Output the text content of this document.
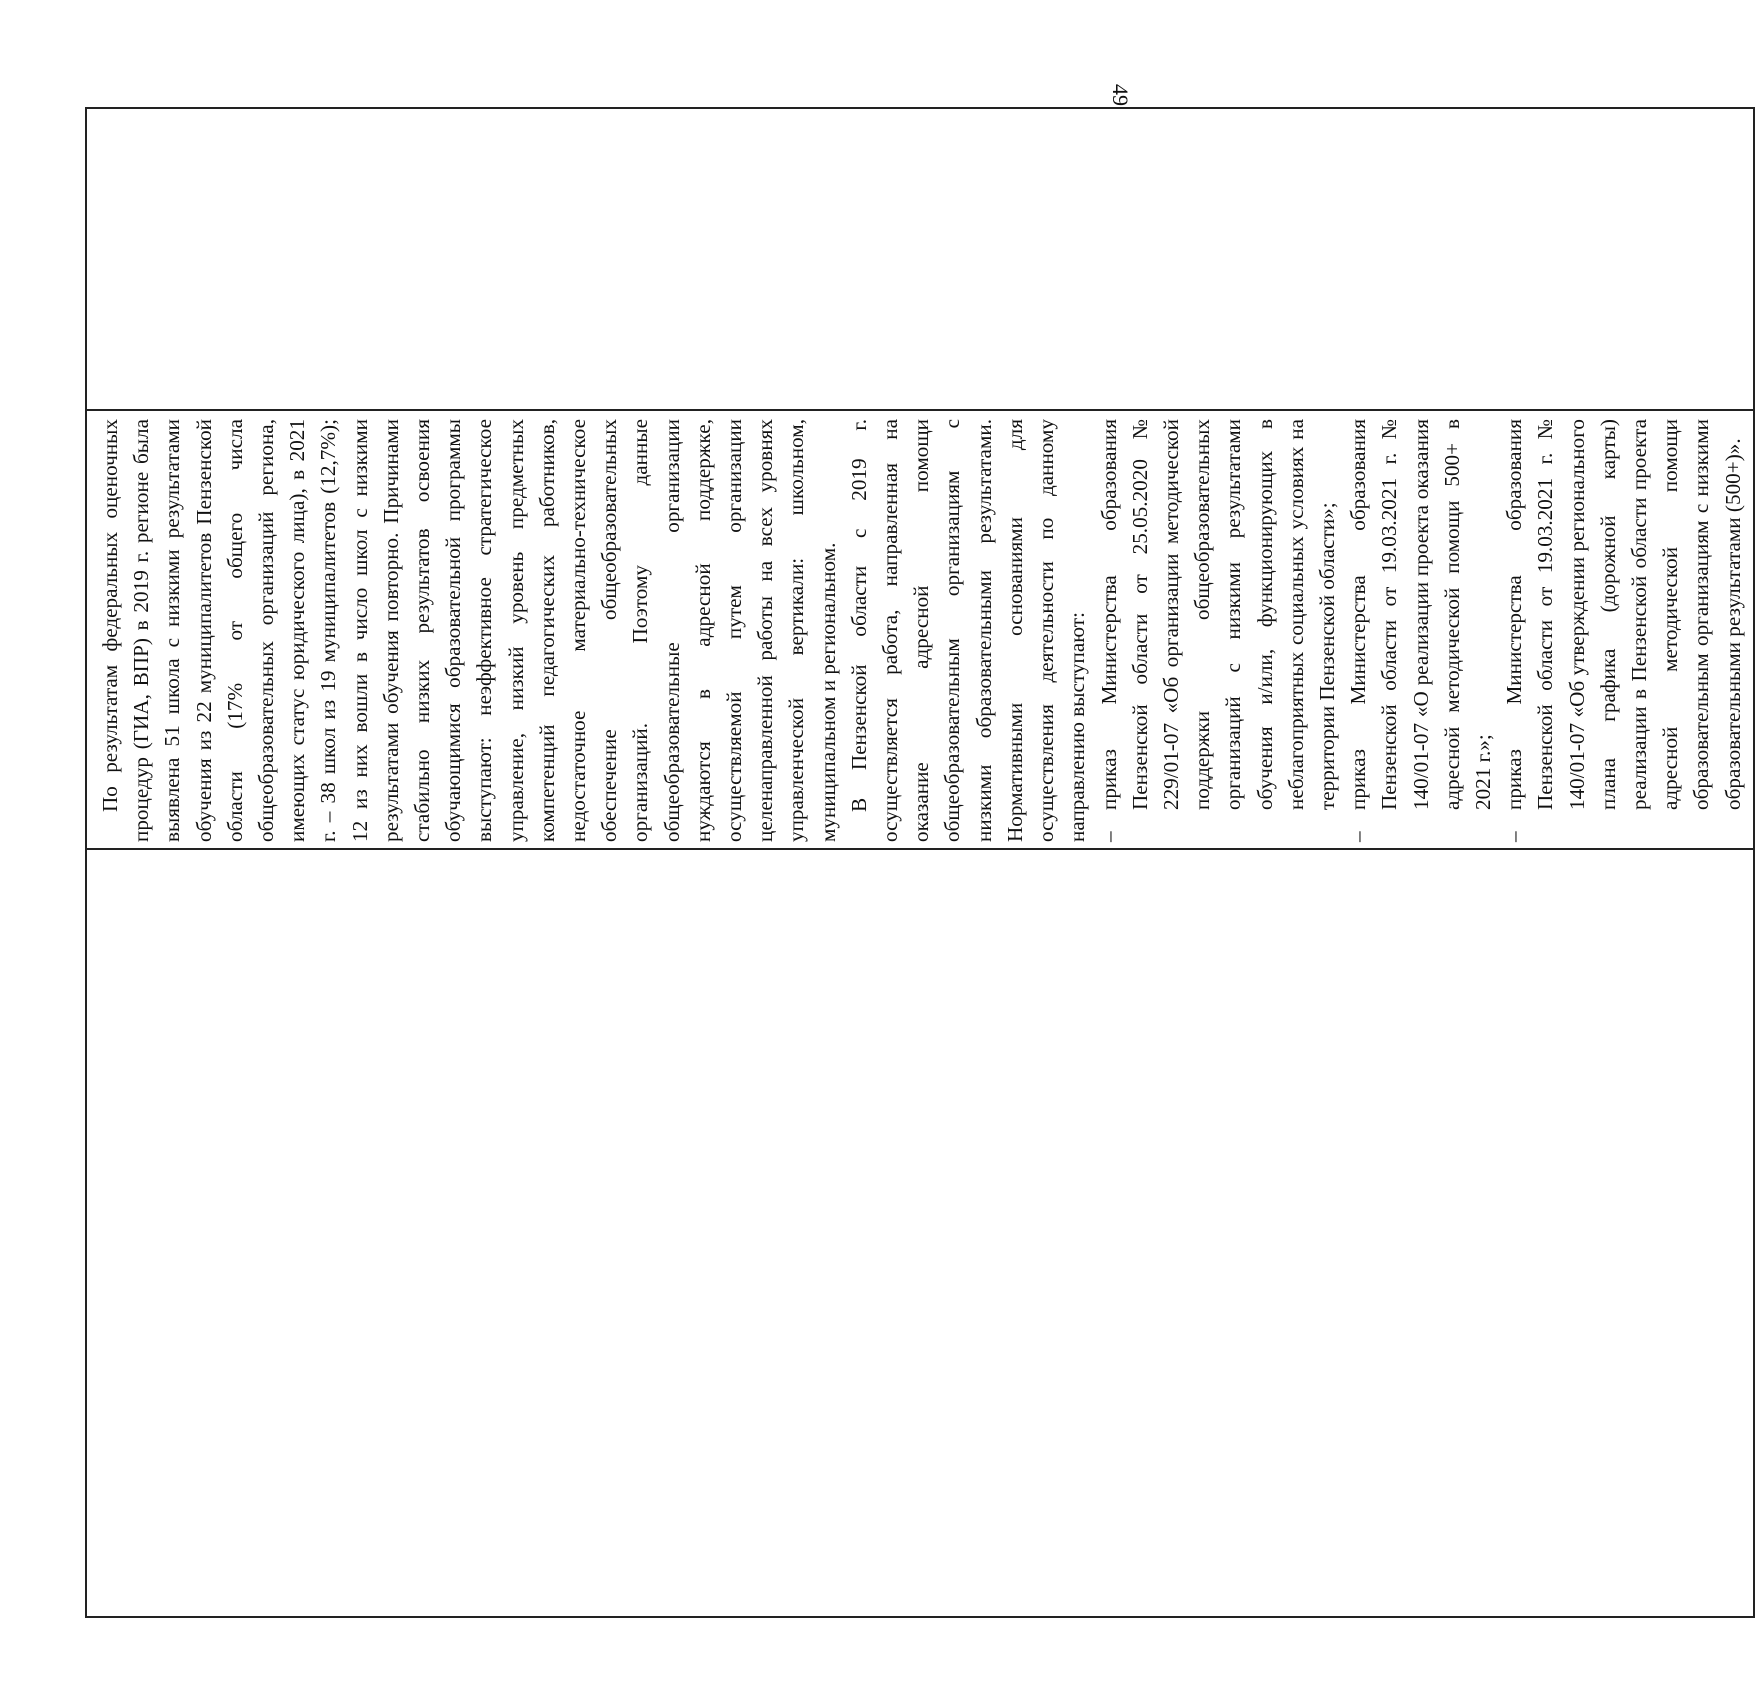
49

По результатам федеральных оценочных процедур (ГИА, ВПР) в 2019 г. регионе была выявлена 51 школа с низкими результатами обучения из 22 муниципалитетов Пензенской области (17% от общего числа общеобразовательных организаций региона, имеющих статус юридического лица), в 2021 г. – 38 школ из 19 муниципалитетов (12,7%); 12 из них вошли в число школ с низкими результатами обучения повторно. Причинами стабильно низких результатов освоения обучающимися образовательной программы выступают: неэффективное стратегическое управление, низкий уровень предметных компетенций педагогических работников, недостаточное материально-техническое обеспечение общеобразовательных организаций. Поэтому данные общеобразовательные организации нуждаются в адресной поддержке, осуществляемой путем организации целенаправленной работы на всех уровнях управленческой вертикали: школьном, муниципальном и региональном. В Пензенской области с 2019 г. осуществляется работа, направленная на оказание адресной помощи общеобразовательным организациям с низкими образовательными результатами. Нормативными основаниями для осуществления деятельности по данному направлению выступают: –
приказ Министерства образования Пензенской области от 25.05.2020 № 229/01-07 «Об организации методической поддержки общеобразовательных организаций с низкими результатами обучения и/или, функционирующих в неблагоприятных социальных условиях на территории Пензенской области»;
–
приказ Министерства образования Пензенской области от 19.03.2021 г. № 140/01-07 «О реализации проекта оказания адресной методической помощи 500+ в 2021 г.»;
–
приказ Министерства образования Пензенской области от 19.03.2021 г. № 140/01-07 «Об утверждении регионального плана графика (дорожной карты) реализации в Пензенской области проекта адресной методической помощи образовательным организациям с низкими образовательными результатами (500+)».
